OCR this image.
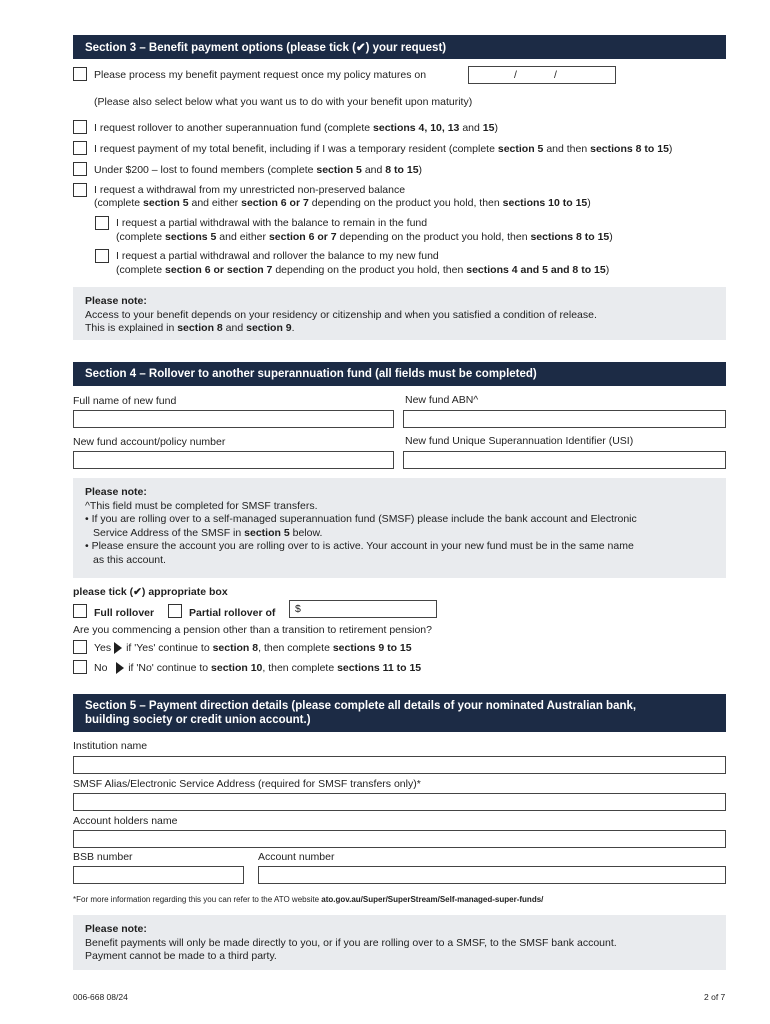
Section 3 – Benefit payment options (please tick (✔) your request)
Please process my benefit payment request once my policy matures on	/	/
(Please also select below what you want us to do with your benefit upon maturity)
I request rollover to another superannuation fund (complete sections 4, 10, 13 and 15)
I request payment of my total benefit, including if I was a temporary resident (complete section 5 and then sections 8 to 15)
Under $200 – lost to found members (complete section 5 and 8 to 15)
I request a withdrawal from my unrestricted non-preserved balance
(complete section 5 and either section 6 or 7 depending on the product you hold, then sections 10 to 15)
I request a partial withdrawal with the balance to remain in the fund
(complete sections 5 and either section 6 or 7 depending on the product you hold, then sections 8 to 15)
I request a partial withdrawal and rollover the balance to my new fund
(complete section 6 or section 7 depending on the product you hold, then sections 4 and 5 and 8 to 15)
Please note:
Access to your benefit depends on your residency or citizenship and when you satisfied a condition of release.
This is explained in section 8 and section 9.
Section 4 – Rollover to another superannuation fund (all fields must be completed)
Full name of new fund	New fund ABN^
New fund account/policy number	New fund Unique Superannuation Identifier (USI)
Please note:
^This field must be completed for SMSF transfers.
• If you are rolling over to a self-managed superannuation fund (SMSF) please include the bank account and Electronic
Service Address of the SMSF in section 5 below.
• Please ensure the account you are rolling over to is active. Your account in your new fund must be in the same name
as this account.
please tick (✔) appropriate box
Full rollover	Partial rollover of $
Are you commencing a pension other than a transition to retirement pension?
Yes if 'Yes' continue to section 8, then complete sections 9 to 15
No if 'No' continue to section 10, then complete sections 11 to 15
Section 5 – Payment direction details (please complete all details of your nominated Australian bank,
building society or credit union account.)
Institution name
SMSF Alias/Electronic Service Address (required for SMSF transfers only)*
Account holders name
BSB number	Account number
*For more information regarding this you can refer to the ATO website ato.gov.au/Super/SuperStream/Self-managed-super-funds/
Please note:
Benefit payments will only be made directly to you, or if you are rolling over to a SMSF, to the SMSF bank account.
Payment cannot be made to a third party.
006-668 08/24	2 of 7
